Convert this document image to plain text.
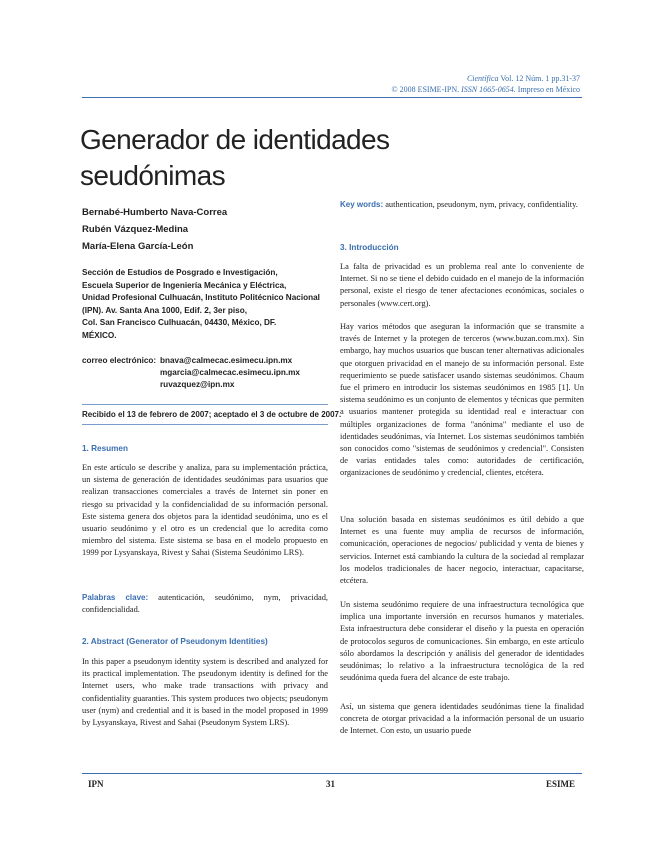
Científica Vol. 12 Núm. 1 pp.31-37
© 2008 ESIME-IPN. ISSN 1665-0654. Impreso en México
Generador de identidades
seudónimas
Bernabé-Humberto Nava-Correa
Rubén Vázquez-Medina
María-Elena García-León
Sección de Estudios de Posgrado e Investigación,
Escuela Superior de Ingeniería Mecánica y Eléctrica,
Unidad Profesional Culhuacán, Instituto Politécnico Nacional
(IPN). Av. Santa Ana 1000, Edif. 2, 3er piso,
Col. San Francisco Culhuacán, 04430, México, DF.
MÉXICO.
correo electrónico: bnava@calmecac.esimecu.ipn.mx
mgarcia@calmecac.esimecu.ipn.mx
ruvazquez@ipn.mx
Recibido el 13 de febrero de 2007; aceptado el 3 de octubre de 2007.
1. Resumen

En este artículo se describe y analiza, para su implementación práctica, un sistema de generación de identidades seudónimas para usuarios que realizan transacciones comerciales a través de Internet sin poner en riesgo su privacidad y la confidencialidad de su información personal. Este sistema genera dos objetos para la identidad seudónima, uno es el usuario seudónimo y el otro es un credencial que lo acredita como miembro del sistema. Este sistema se basa en el modelo propuesto en 1999 por Lysyanskaya, Rivest y Sahai (Sistema Seudónimo LRS).

Palabras clave: autenticación, seudónimo, nym, privacidad, confidencialidad.

2. Abstract (Generator of Pseudonym Identities)

In this paper a pseudonym identity system is described and analyzed for its practical implementation. The pseudonym identity is defined for the Internet users, who make trade transactions with privacy and confidentiality guaranties. This system produces two objects; pseudonym user (nym) and credential and it is based in the model proposed in 1999 by Lysyanskaya, Rivest and Sahai (Pseudonym System LRS).

Key words: authentication, pseudonym, nym, privacy, confidentiality.

3. Introducción

La falta de privacidad es un problema real ante lo conveniente de Internet. Si no se tiene el debido cuidado en el manejo de la información personal, existe el riesgo de tener afectaciones económicas, sociales o personales (www.cert.org).

Hay varios métodos que aseguran la información que se transmite a través de Internet y la protegen de terceros (www.buzan.com.mx). Sin embargo, hay muchos usuarios que buscan tener alternativas adicionales que otorguen privacidad en el manejo de su información personal. Este requerimiento se puede satisfacer usando sistemas seudónimos. Chaum fue el primero en introducir los sistemas seudónimos en 1985 [1]. Un sistema seudónimo es un conjunto de elementos y técnicas que permiten a usuarios mantener protegida su identidad real e interactuar con múltiples organizaciones de forma "anónima" mediante el uso de identidades seudónimas, vía Internet. Los sistemas seudónimos también son conocidos como "sistemas de seudónimos y credencial". Consisten de varias entidades tales como: autoridades de certificación, organizaciones de seudónimo y credencial, clientes, etcétera.

Una solución basada en sistemas seudónimos es útil debido a que Internet es una fuente muy amplia de recursos de información, comunicación, operaciones de negocios/ publicidad y venta de bienes y servicios. Internet está cambiando la cultura de la sociedad al remplazar los modelos tradicionales de hacer negocio, interactuar, capacitarse, etcétera.

Un sistema seudónimo requiere de una infraestructura tecnológica que implica una importante inversión en recursos humanos y materiales. Esta infraestructura debe considerar el diseño y la puesta en operación de protocolos seguros de comunicaciones. Sin embargo, en este artículo sólo abordamos la descripción y análisis del generador de identidades seudónimas; lo relativo a la infraestructura tecnológica de la red seudónima queda fuera del alcance de este trabajo.

Así, un sistema que genera identidades seudónimas tiene la finalidad concreta de otorgar privacidad a la información personal de un usuario de Internet. Con esto, un usuario puede

IPN	31	ESIME
